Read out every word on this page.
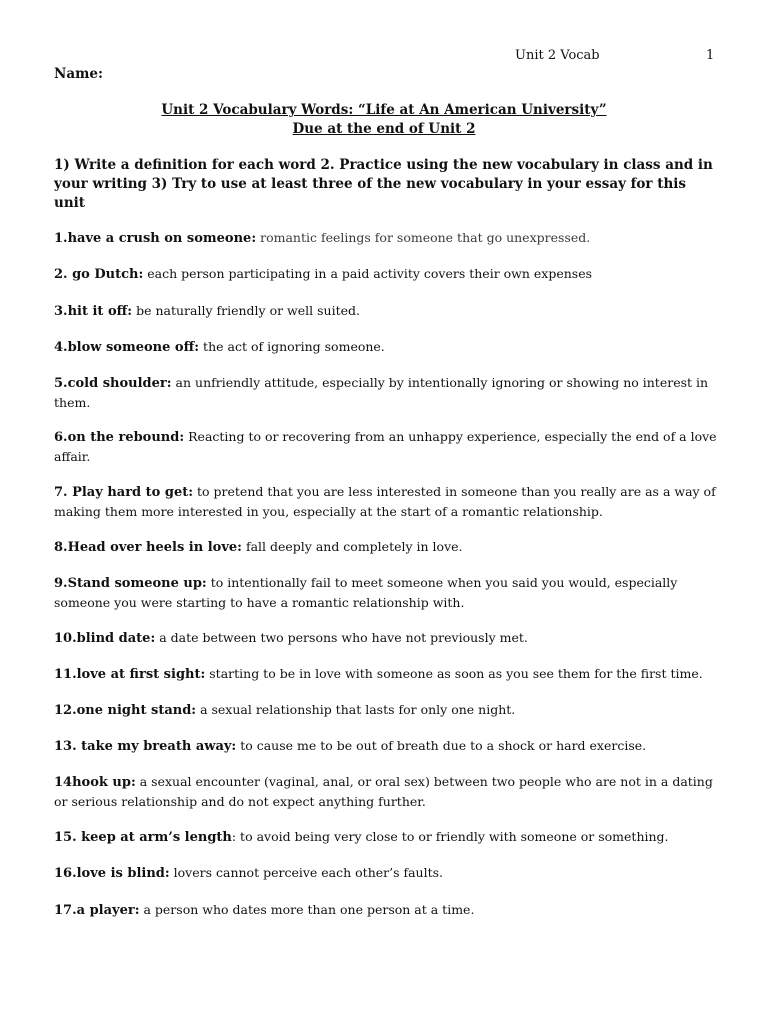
Unit 2 Vocab	1
Name:
Unit 2 Vocabulary Words: “Life at An American University”
Due at the end of Unit 2
1) Write a definition for each word 2. Practice using the new vocabulary in class and in your writing 3) Try to use at least three of the new vocabulary in your essay for this unit
1.have a crush on someone: romantic feelings for someone that go unexpressed.
2. go Dutch: each person participating in a paid activity covers their own expenses
3.hit it off: be naturally friendly or well suited.
4.blow someone off: the act of ignoring someone.
5.cold shoulder: an unfriendly attitude, especially by intentionally ignoring or showing no interest in them.
6.on the rebound: Reacting to or recovering from an unhappy experience, especially the end of a love affair.
7. Play hard to get: to pretend that you are less interested in someone than you really are as a way of making them more interested in you, especially at the start of a romantic relationship.
8.Head over heels in love: fall deeply and completely in love.
9.Stand someone up: to intentionally fail to meet someone when you said you would, especially someone you were starting to have a romantic relationship with.
10.blind date: a date between two persons who have not previously met.
11.love at first sight: starting to be in love with someone as soon as you see them for the first time.
12.one night stand: a sexual relationship that lasts for only one night.
13. take my breath away: to cause me to be out of breath due to a shock or hard exercise.
14hook up: a sexual encounter (vaginal, anal, or oral sex) between two people who are not in a dating or serious relationship and do not expect anything further.
15. keep at arm’s length: to avoid being very close to or friendly with someone or something.
16.love is blind: lovers cannot perceive each other’s faults.
17.a player: a person who dates more than one person at a time.
